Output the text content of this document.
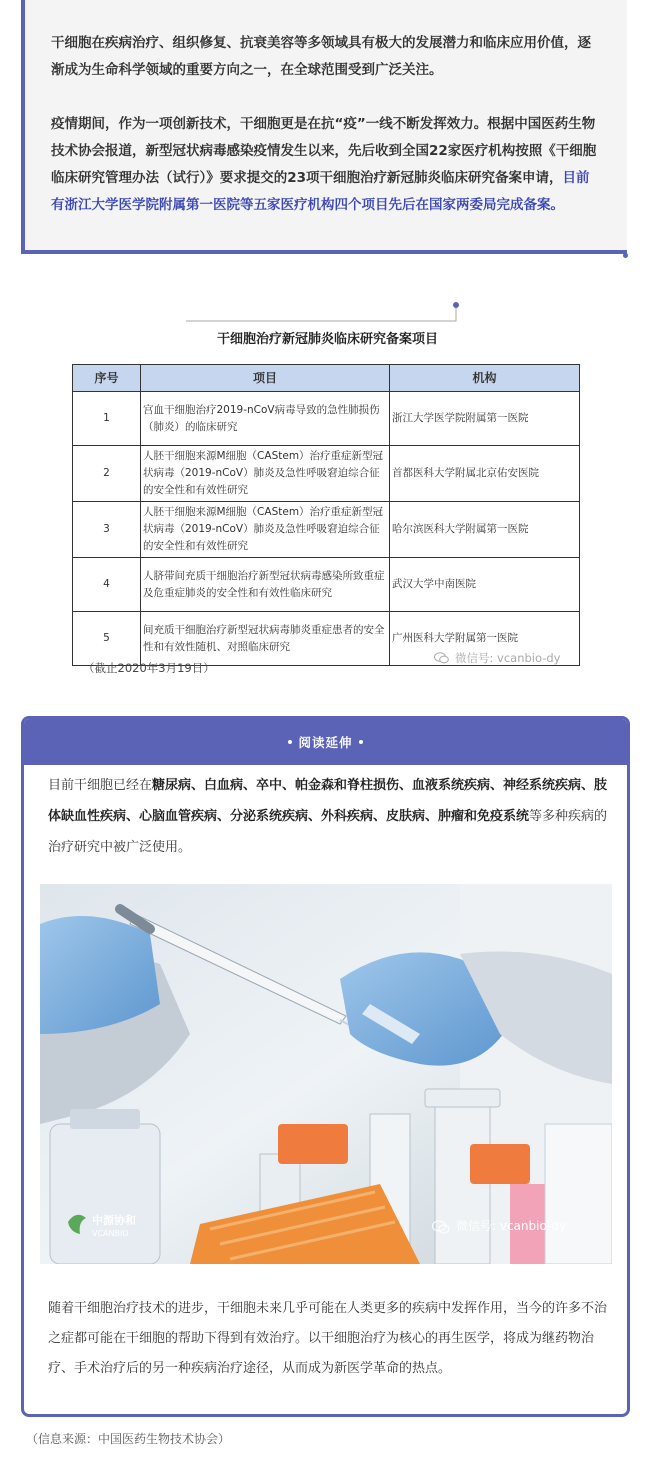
干细胞在疾病治疗、组织修复、抗衰美容等多领域具有极大的发展潜力和临床应用价值，逐渐成为生命科学领域的重要方向之一，在全球范围受到广泛关注。

疫情期间，作为一项创新技术，干细胞更是在抗“疫”一线不断发挥效力。根据中国医药生物技术协会报道，新型冠状病毒感染疫情发生以来，先后收到全国22家医疗机构按照《干细胞临床研究管理办法（试行）》要求提交的23项干细胞治疗新冠肺炎临床研究备案申请，目前有浙江大学医学院附属第一医院等五家医疗机构四个项目先后在国家两委局完成备案。

干细胞治疗新冠肺炎临床研究备案项目
序号	项目	机构
1	宫血干细胞治疗2019-nCoV病毒导致的急性肺损伤（肺炎）的临床研究	浙江大学医学院附属第一医院
2	人胚干细胞来源M细胞（CAStem）治疗重症新型冠状病毒（2019-nCoV）肺炎及急性呼吸窘迫综合征的安全性和有效性研究	首都医科大学附属北京佑安医院
3	人胚干细胞来源M细胞（CAStem）治疗重症新型冠状病毒（2019-nCoV）肺炎及急性呼吸窘迫综合征的安全性和有效性研究	哈尔滨医科大学附属第一医院
4	人脐带间充质干细胞治疗新型冠状病毒感染所致重症及危重症肺炎的安全性和有效性临床研究	武汉大学中南医院
5	间充质干细胞治疗新型冠状病毒肺炎重症患者的安全性和有效性随机、对照临床研究	广州医科大学附属第一医院
（截止2020年3月19日）
微信号: vcanbio-dy
阅读延伸
目前干细胞已经在糖尿病、白血病、卒中、帕金森和脊柱损伤、血液系统疾病、神经系统疾病、肢体缺血性疾病、心脑血管疾病、分泌系统疾病、外科疾病、皮肤病、肿瘤和免疫系统等多种疾病的治疗研究中被广泛使用。
中源协和
VCANBIO
微信号: vcanbio-dy
随着干细胞治疗技术的进步，干细胞未来几乎可能在人类更多的疾病中发挥作用，当今的许多不治之症都可能在干细胞的帮助下得到有效治疗。以干细胞治疗为核心的再生医学，将成为继药物治疗、手术治疗后的另一种疾病治疗途径，从而成为新医学革命的热点。
（信息来源：中国医药生物技术协会）
